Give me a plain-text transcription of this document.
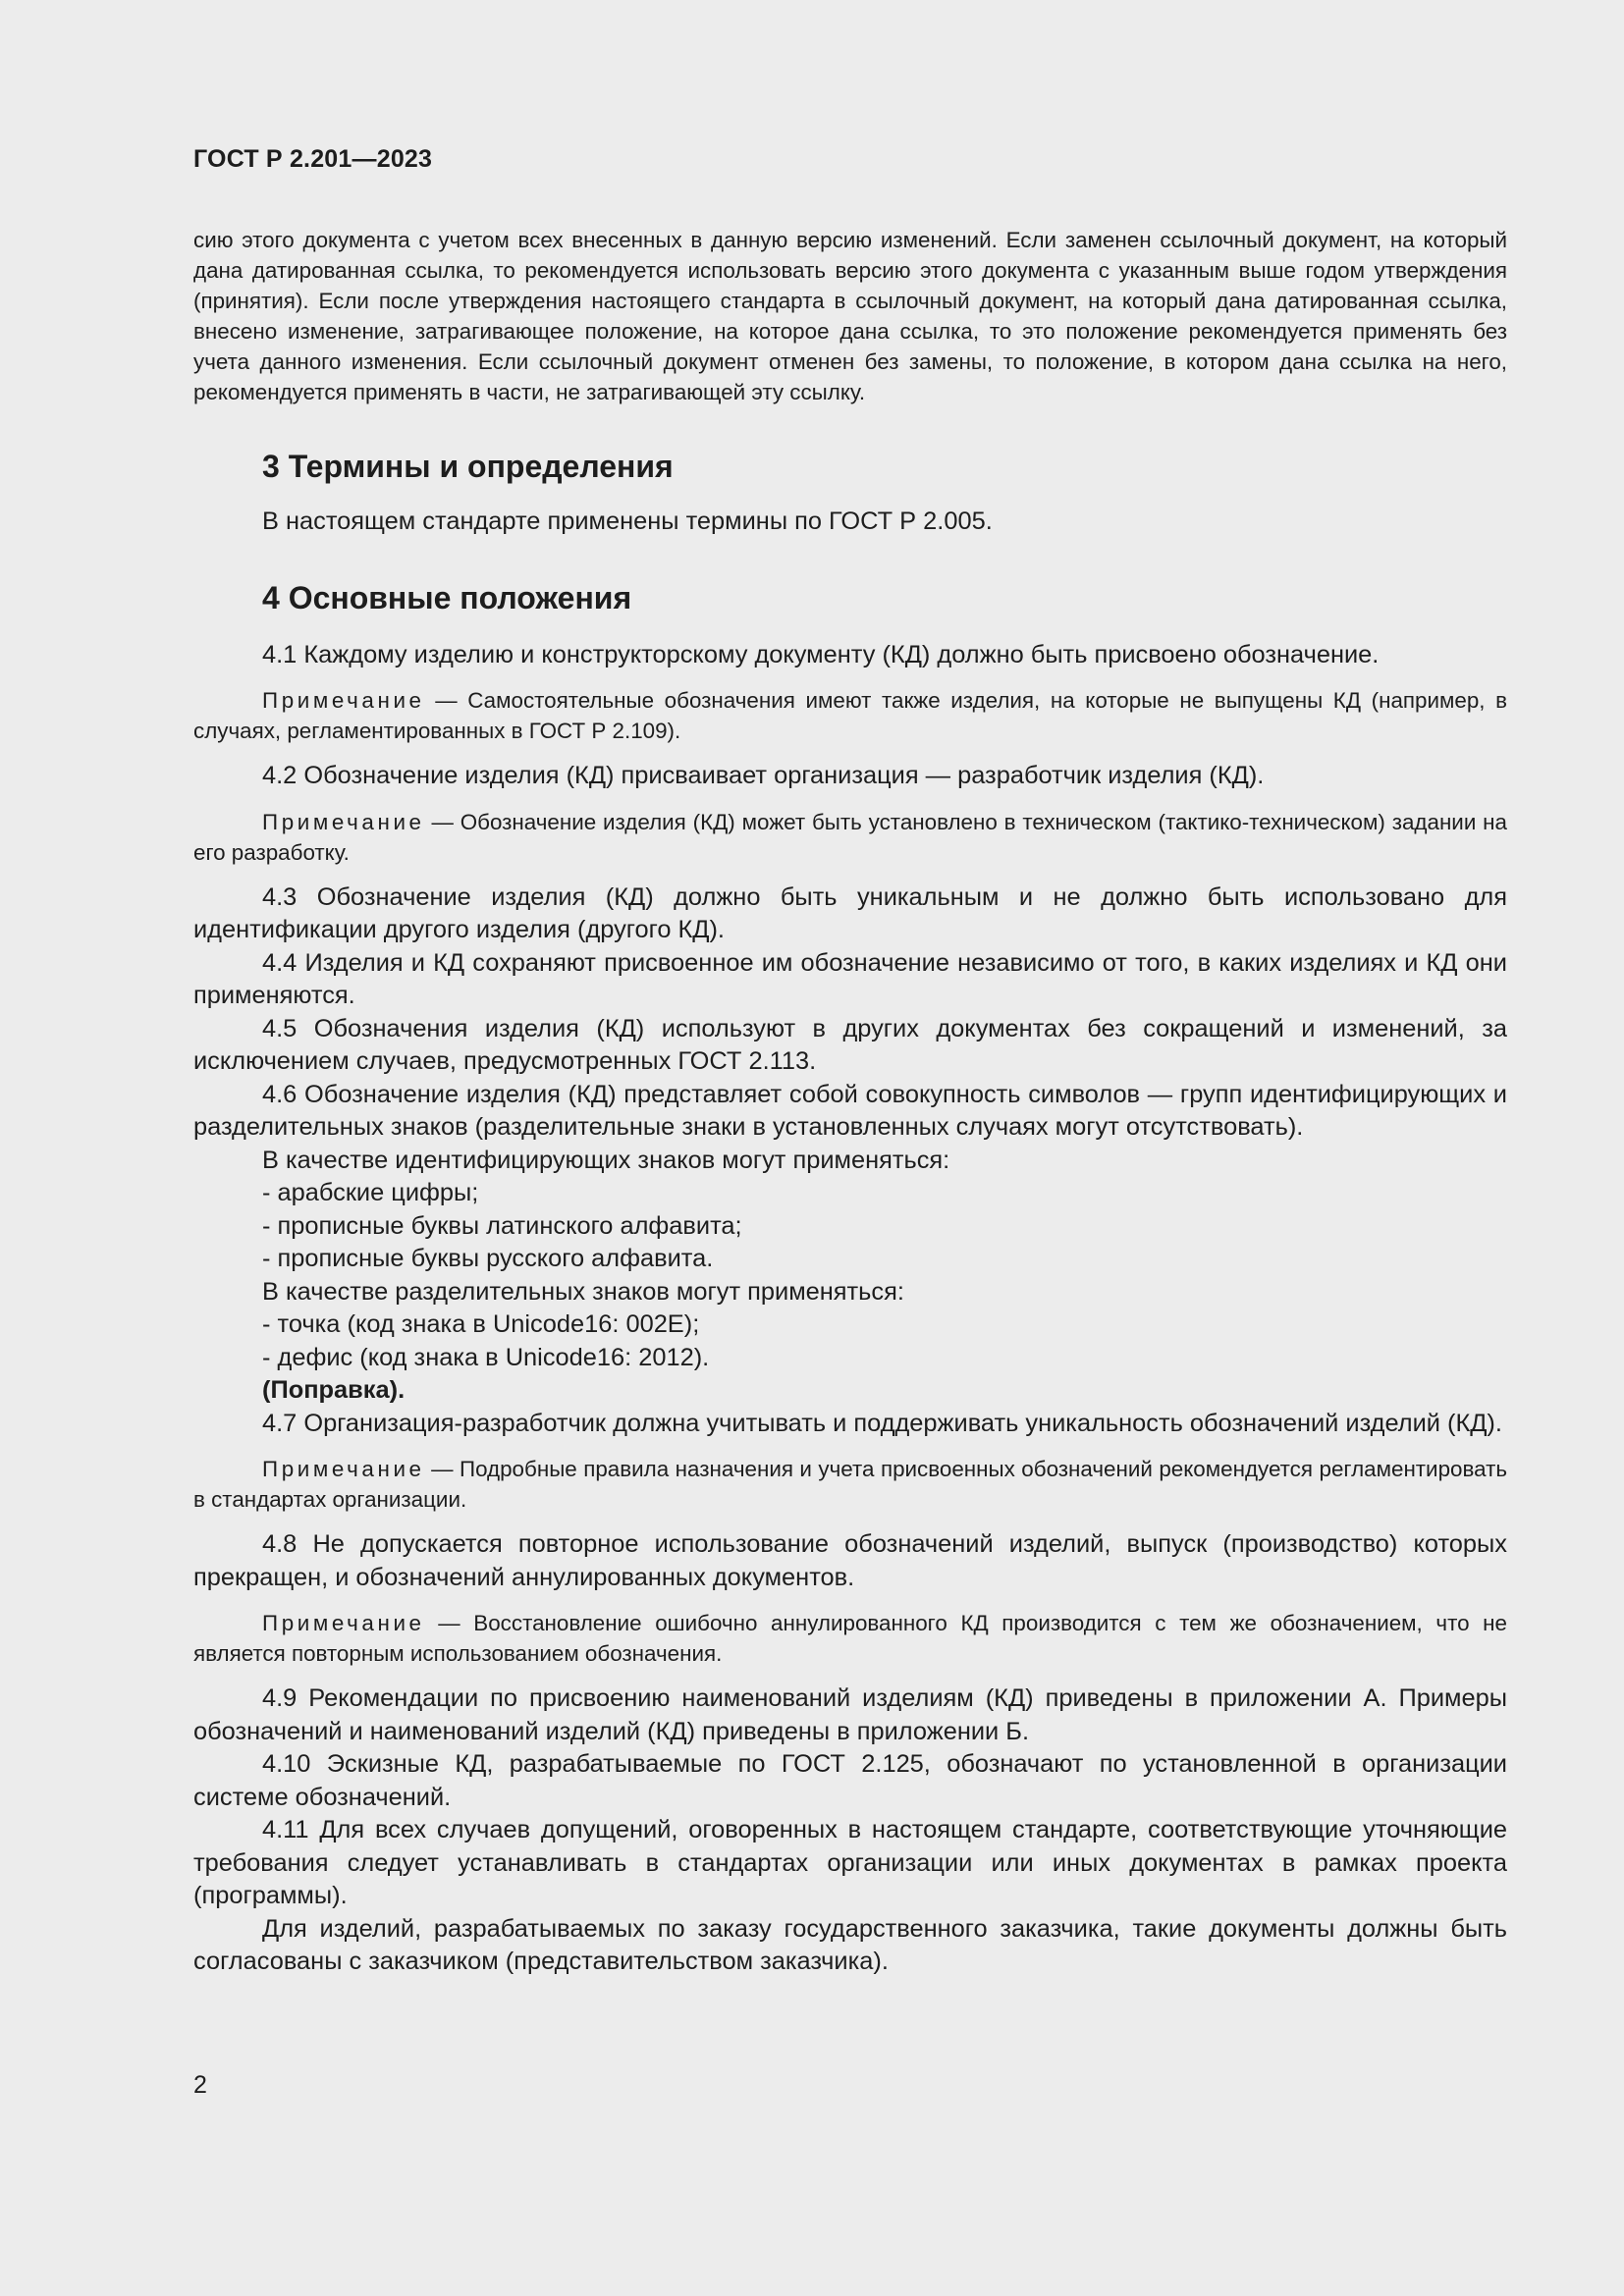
ГОСТ Р 2.201—2023

сию этого документа с учетом всех внесенных в данную версию изменений. Если заменен ссылочный документ, на который дана датированная ссылка, то рекомендуется использовать версию этого документа с указанным выше годом утверждения (принятия). Если после утверждения настоящего стандарта в ссылочный документ, на который дана датированная ссылка, внесено изменение, затрагивающее положение, на которое дана ссылка, то это положение рекомендуется применять без учета данного изменения. Если ссылочный документ отменен без замены, то положение, в котором дана ссылка на него, рекомендуется применять в части, не затрагивающей эту ссылку.

3 Термины и определения

В настоящем стандарте применены термины по ГОСТ Р 2.005.

4 Основные положения

4.1 Каждому изделию и конструкторскому документу (КД) должно быть присвоено обозначение.

Примечание — Самостоятельные обозначения имеют также изделия, на которые не выпущены КД (например, в случаях, регламентированных в ГОСТ Р 2.109).

4.2 Обозначение изделия (КД) присваивает организация — разработчик изделия (КД).

Примечание — Обозначение изделия (КД) может быть установлено в техническом (тактико-техническом) задании на его разработку.

4.3 Обозначение изделия (КД) должно быть уникальным и не должно быть использовано для идентификации другого изделия (другого КД).

4.4 Изделия и КД сохраняют присвоенное им обозначение независимо от того, в каких изделиях и КД они применяются.

4.5 Обозначения изделия (КД) используют в других документах без сокращений и изменений, за исключением случаев, предусмотренных ГОСТ 2.113.

4.6 Обозначение изделия (КД) представляет собой совокупность символов — групп идентифицирующих и разделительных знаков (разделительные знаки в установленных случаях могут отсутствовать).

В качестве идентифицирующих знаков могут применяться:

- арабские цифры;

- прописные буквы латинского алфавита;

- прописные буквы русского алфавита.

В качестве разделительных знаков могут применяться:

- точка (код знака в Unicode16: 002E);

- дефис (код знака в Unicode16: 2012).

(Поправка).

4.7 Организация-разработчик должна учитывать и поддерживать уникальность обозначений изделий (КД).

Примечание — Подробные правила назначения и учета присвоенных обозначений рекомендуется регламентировать в стандартах организации.

4.8 Не допускается повторное использование обозначений изделий, выпуск (производство) которых прекращен, и обозначений аннулированных документов.

Примечание — Восстановление ошибочно аннулированного КД производится с тем же обозначением, что не является повторным использованием обозначения.

4.9 Рекомендации по присвоению наименований изделиям (КД) приведены в приложении А. Примеры обозначений и наименований изделий (КД) приведены в приложении Б.

4.10 Эскизные КД, разрабатываемые по ГОСТ 2.125, обозначают по установленной в организации системе обозначений.

4.11 Для всех случаев допущений, оговоренных в настоящем стандарте, соответствующие уточняющие требования следует устанавливать в стандартах организации или иных документах в рамках проекта (программы).

Для изделий, разрабатываемых по заказу государственного заказчика, такие документы должны быть согласованы с заказчиком (представительством заказчика).

2
